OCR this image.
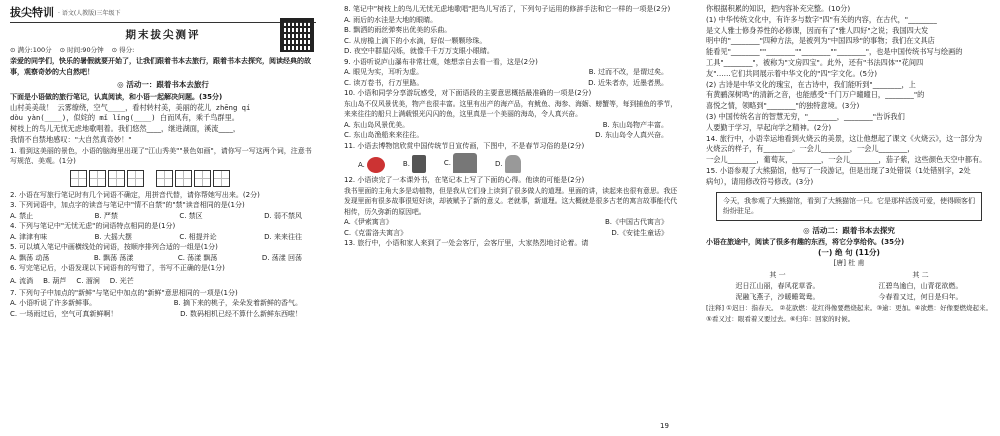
拔尖特训 · 语文(人教版)三年级下
期末拔尖测评
⊙ 满分:100分 ⊙ 时间:90分钟 ⊙ 得分:
亲爱的同学们，快乐的暑假就要开始了，让我们跟着书本去旅行，跟着书本去探究，阅读经典的故事，观察奇妙的大自然吧！
◎ 活动一：跟着书本去旅行
下面是小语做的旅行笔记，认真阅读，和小语一起解决问题。(35分)
山村美美哉！ 云雾缭绕，空气____，看村转村美，美丽的花儿 zhēng qí
dòu yàn(____)，似姹的 mǐ lǐng(____) 白而风有，乘千鸟群里。
树枝上的鸟儿无忧无虑地歌唱着。我们悠然____，继进湖面，溪流____，
我情不自禁地感叹："大自然真奇妙！"
1. 看到这美丽的景色，小语的脑海里出现了"江山秀美""景色如画"，请你写一写这两个词，注意书写规范、美观。(1分)
2. 小语在写旅行笔记时有几个词语不确定，用拼音代替，请你帮她写出来。(2分)
3. 下列词语中，加点字的读音与笔记中"情不自禁"的"禁"读音相同的是(1分)
A. 禁止	B. 严禁	C. 禁区	D. 弱不禁风
4. 下列与笔记中"无忧无虑"的词语特点相同的是(1分)
A. 津津有味	B. 大摇大摆	C. 相提并论	D. 来来往往
5. 可以填入笔记中画横线处的词语，按顺序排列合适的一组是(1分)
A. 飘荡 动荡	B. 飘荡 荡漾	C. 荡漾 飘荡	D. 荡漾 回荡
6. 写完笔记后，小语发现以下词语有的写错了，书写不正确的是(1分)
A. 流淌 B. 葫芦 C. 溜涧 D. 光芒
7. 下列句子中加点的"新鲜"与笔记中加点的"新鲜"意思相同的一项是(1分)
A. 小语听说了许多新鲜事。	B. 摘下来的桃子，朵朵发着新鲜的香气。
C. 一场雨过后，空气可真新鲜啊！	D. 数码相机已经不算什么新鲜东西啦！
8. 笔记中"树枝上的鸟儿无忧无虑地歌唱"把鸟儿写活了，下列句子运用的修辞手法和它一样的一项是(2分)
A. 雨后的水洼是大地的眼睛。
B. 飘洒的雨丝弹奏出优美的乐曲。
C. 从房檐上滴下的小水滴，好似一颗颗珍珠。
D. 夜空中群星闪烁，就像千千万万支眼小眼睛。
9. 小语听说庐山瀑布非常壮观，她想亲自去看一看，这是(2分)
A. 眼见为实，耳听为虚。	B. 过而不改，是谓过矣。
C. 读万卷书，行万里路。	D. 近朱者赤，近墨者黑。
10. 小语和同学分享游玩感受，对下面语段的主要意思概括最准确的一项是(2分)
东山岛不仅风景优美，物产也很丰富。这里有出产的海产品，有鱿鱼、海参、海蛎、螃蟹等，每到捕鱼的季节，来来往往的船只上满载银光闪闪的鱼，这里真是一个美丽的海岛，令人真兴奋。
A. 东山岛风景优美。	B. 东山岛物产丰富。
C. 东山岛渔船来来往往。	D. 东山岛令人真兴奋。
11. 小语去博物馆欣赏中国传统节日宣传画，下图中，不是春节习俗的是(2分)
A.	B.	C.	D.
12. 小语读完了一本课外书，在笔记本上写了下面的心得。他读的可能是(2分)
我书里面的主角大多是动植物，但是我从它们身上读到了很多做人的道理。里面的讲，读起来也很有意思。我还发现里面有很多故事很短好读，却被赋予了新的意义。老就事，新道理。这大概就是很多古老的寓言故事能代代相传，历久弥新的原因吧。
A.《伊索寓言》	B.《中国古代寓言》
C.《克雷洛夫寓言》	D.《安徒生童话》
13. 旅行中，小语和家人来到了一处会客厅，会客厅里，大家热烈地讨论着。请
19
你根据积累的知识，把内容补充完整。(10分)
(1) 中华传统文化中，有许多与数字"四"有关的内容，在古代，"________
是文人雅士修身养性的必修课，因而有了"雅人四好"之说；我国四大发
明中的"________"四种方法，是被列为"中国四珍"的事物；我们在文具店
能看见"________""________""________""________"，也是中国传统书写与绘画的
工具"________"，被称为"文房四宝"。此外，还有"书法四体""花间四
友"……它们共同展示着中华文化的"四"字文化。(5分)
(2) 古诗是中华文化的瑰宝，在古诗中，我们能听到"________，上
有黄鹂深树鸣"的清新之音，也能感受"千门万户曈曈日，________"的
喜悦之情，领略到"________"的独特意境。(3分)
(3) 中国传统名言的智慧无穷，"________，________"告诉我们
人要勤于学习，早起向学之精神。(2分)
14. 旅行中，小语幸运地看到火烧云的美景，这让他想起了课文《火烧云》，这一部分为
火烧云的样子，有________。一会儿________，一会儿________，
一会儿________，葡萄灰，________，一会儿________，茄子紫，这些颜色天空中都有。
15. 小语参观了大熊猫馆，他写了一段游记，但是出现了3处错误（1处错别字，2处
病句），请用修改符号修改。(3分)
今天，我参观了大熊猫馆，看到了大熊猫馆一只。它是那样活泼可爱，使得顾客们纷纷驻足。
◎ 活动二：跟着书本去探究
小语在旅途中，阅读了很多有趣的东西，将它分享给你。(35分)
(一) 绝 句 (11分)
[唐] 杜 甫
其 一
迟日江山丽，春风花草香。
泥融飞燕子，沙暖睡鸳鸯。
其 二
江碧鸟逾白，山青花欲燃。
今春看又过，何日是归年。
[注释] ①迟日：指春天。 ②花欲燃：花红得像要燃烧起来。③逾：更加。④欲燃：好像要燃烧起来。⑤看又过：眼看着又要过去。⑥归年：回家的时候。
